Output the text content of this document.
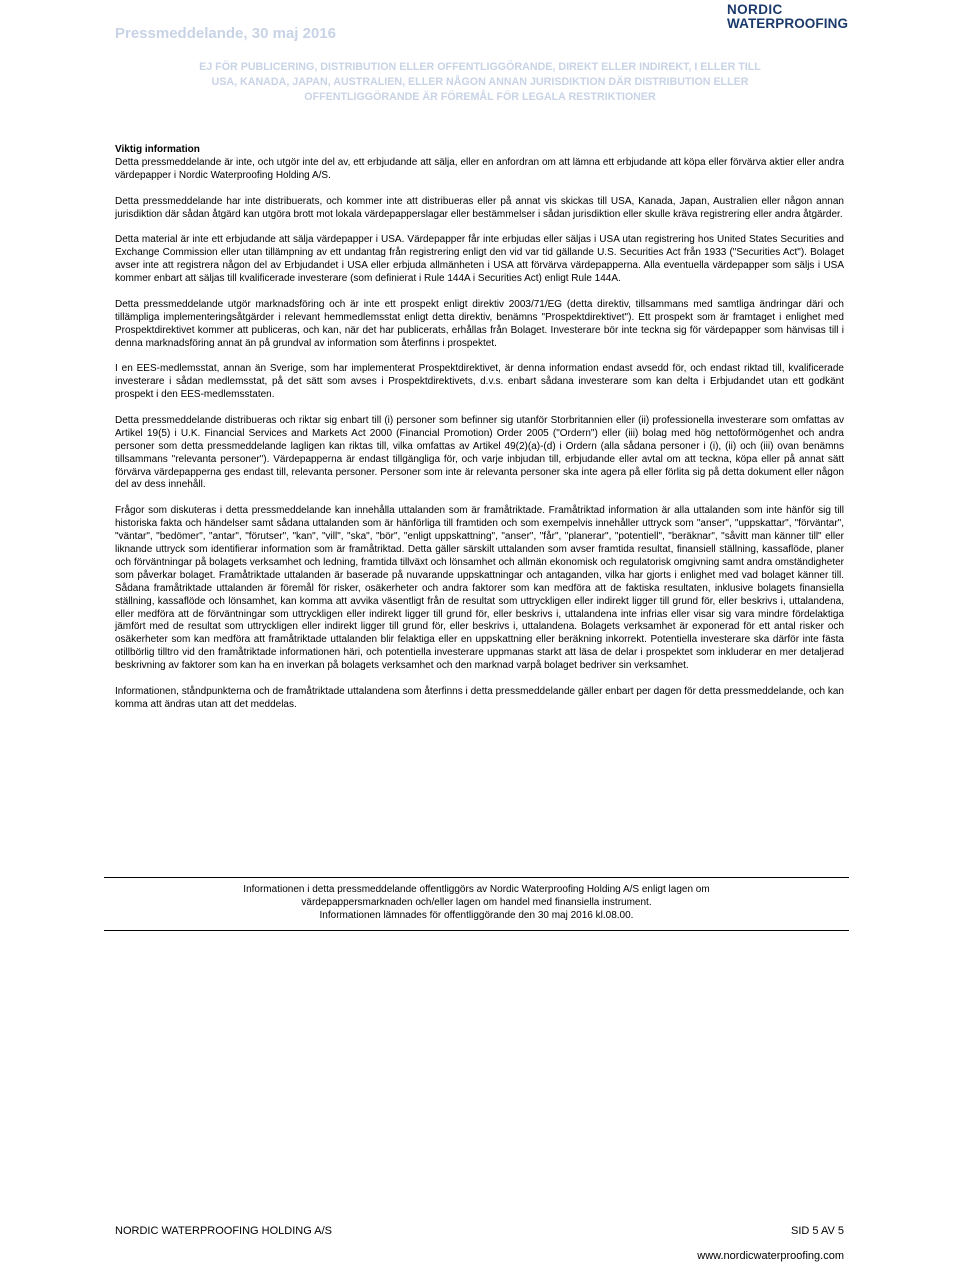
Pressmeddelande, 30 maj 2016
NORDIC
WATERPROOFING
EJ FÖR PUBLICERING, DISTRIBUTION ELLER OFFENTLIGGÖRANDE, DIREKT ELLER INDIREKT, I ELLER TILL
USA, KANADA, JAPAN, AUSTRALIEN, ELLER NÅGON ANNAN JURISDIKTION DÄR DISTRIBUTION ELLER
OFFENTLIGGÖRANDE ÄR FÖREMÅL FÖR LEGALA RESTRIKTIONER
Viktig information

Detta pressmeddelande är inte, och utgör inte del av, ett erbjudande att sälja, eller en anfordran om att lämna ett erbjudande att köpa eller förvärva aktier eller andra värdepapper i Nordic Waterproofing Holding A/S.

Detta pressmeddelande har inte distribuerats, och kommer inte att distribueras eller på annat vis skickas till USA, Kanada, Japan, Australien eller någon annan jurisdiktion där sådan åtgärd kan utgöra brott mot lokala värdepapperslagar eller bestämmelser i sådan jurisdiktion eller skulle kräva registrering eller andra åtgärder.

Detta material är inte ett erbjudande att sälja värdepapper i USA. Värdepapper får inte erbjudas eller säljas i USA utan registrering hos United States Securities and Exchange Commission eller utan tillämpning av ett undantag från registrering enligt den vid var tid gällande U.S. Securities Act från 1933 ("Securities Act"). Bolaget avser inte att registrera någon del av Erbjudandet i USA eller erbjuda allmänheten i USA att förvärva värdepapperna. Alla eventuella värdepapper som säljs i USA kommer enbart att säljas till kvalificerade investerare (som definierat i Rule 144A i Securities Act) enligt Rule 144A.

Detta pressmeddelande utgör marknadsföring och är inte ett prospekt enligt direktiv 2003/71/EG (detta direktiv, tillsammans med samtliga ändringar däri och tillämpliga implementeringsåtgärder i relevant hemmedlemsstat enligt detta direktiv, benämns "Prospektdirektivet"). Ett prospekt som är framtaget i enlighet med Prospektdirektivet kommer att publiceras, och kan, när det har publicerats, erhållas från Bolaget. Investerare bör inte teckna sig för värdepapper som hänvisas till i denna marknadsföring annat än på grundval av information som återfinns i prospektet.

I en EES-medlemsstat, annan än Sverige, som har implementerat Prospektdirektivet, är denna information endast avsedd för, och endast riktad till, kvalificerade investerare i sådan medlemsstat, på det sätt som avses i Prospektdirektivets, d.v.s. enbart sådana investerare som kan delta i Erbjudandet utan ett godkänt prospekt i den EES-medlemsstaten.

Detta pressmeddelande distribueras och riktar sig enbart till (i) personer som befinner sig utanför Storbritannien eller (ii) professionella investerare som omfattas av Artikel 19(5) i U.K. Financial Services and Markets Act 2000 (Financial Promotion) Order 2005 ("Ordern") eller (iii) bolag med hög nettoförmögenhet och andra personer som detta pressmeddelande lagligen kan riktas till, vilka omfattas av Artikel 49(2)(a)-(d) i Ordern (alla sådana personer i (i), (ii) och (iii) ovan benämns tillsammans "relevanta personer"). Värdepapperna är endast tillgängliga för, och varje inbjudan till, erbjudande eller avtal om att teckna, köpa eller på annat sätt förvärva värdepapperna ges endast till, relevanta personer. Personer som inte är relevanta personer ska inte agera på eller förlita sig på detta dokument eller någon del av dess innehåll.

Frågor som diskuteras i detta pressmeddelande kan innehålla uttalanden som är framåtriktade. Framåtriktad information är alla uttalanden som inte hänför sig till historiska fakta och händelser samt sådana uttalanden som är hänförliga till framtiden och som exempelvis innehåller uttryck som "anser", "uppskattar", "förväntar", "väntar", "bedömer", "antar", "förutser", "kan", "vill", "ska", "bör", "enligt uppskattning", "anser", "får", "planerar", "potentiell", "beräknar", "såvitt man känner till" eller liknande uttryck som identifierar information som är framåtriktad. Detta gäller särskilt uttalanden som avser framtida resultat, finansiell ställning, kassaflöde, planer och förväntningar på bolagets verksamhet och ledning, framtida tillväxt och lönsamhet och allmän ekonomisk och regulatorisk omgivning samt andra omständigheter som påverkar bolaget. Framåtriktade uttalanden är baserade på nuvarande uppskattningar och antaganden, vilka har gjorts i enlighet med vad bolaget känner till. Sådana framåtriktade uttalanden är föremål för risker, osäkerheter och andra faktorer som kan medföra att de faktiska resultaten, inklusive bolagets finansiella ställning, kassaflöde och lönsamhet, kan komma att avvika väsentligt från de resultat som uttryckligen eller indirekt ligger till grund för, eller beskrivs i, uttalandena, eller medföra att de förväntningar som uttryckligen eller indirekt ligger till grund för, eller beskrivs i, uttalandena inte infrias eller visar sig vara mindre fördelaktiga jämfört med de resultat som uttryckligen eller indirekt ligger till grund för, eller beskrivs i, uttalandena. Bolagets verksamhet är exponerad för ett antal risker och osäkerheter som kan medföra att framåtriktade uttalanden blir felaktiga eller en uppskattning eller beräkning inkorrekt. Potentiella investerare ska därför inte fästa otillbörlig tilltro vid den framåtriktade informationen häri, och potentiella investerare uppmanas starkt att läsa de delar i prospektet som inkluderar en mer detaljerad beskrivning av faktorer som kan ha en inverkan på bolagets verksamhet och den marknad varpå bolaget bedriver sin verksamhet.

Informationen, ståndpunkterna och de framåtriktade uttalandena som återfinns i detta pressmeddelande gäller enbart per dagen för detta pressmeddelande, och kan komma att ändras utan att det meddelas.

Informationen i detta pressmeddelande offentliggörs av Nordic Waterproofing Holding A/S enligt lagen om
värdepappersmarknaden och/eller lagen om handel med finansiella instrument.
Informationen lämnades för offentliggörande den 30 maj 2016 kl.08.00.
NORDIC WATERPROOFING HOLDING A/S	SID 5 AV 5
www.nordicwaterproofing.com
